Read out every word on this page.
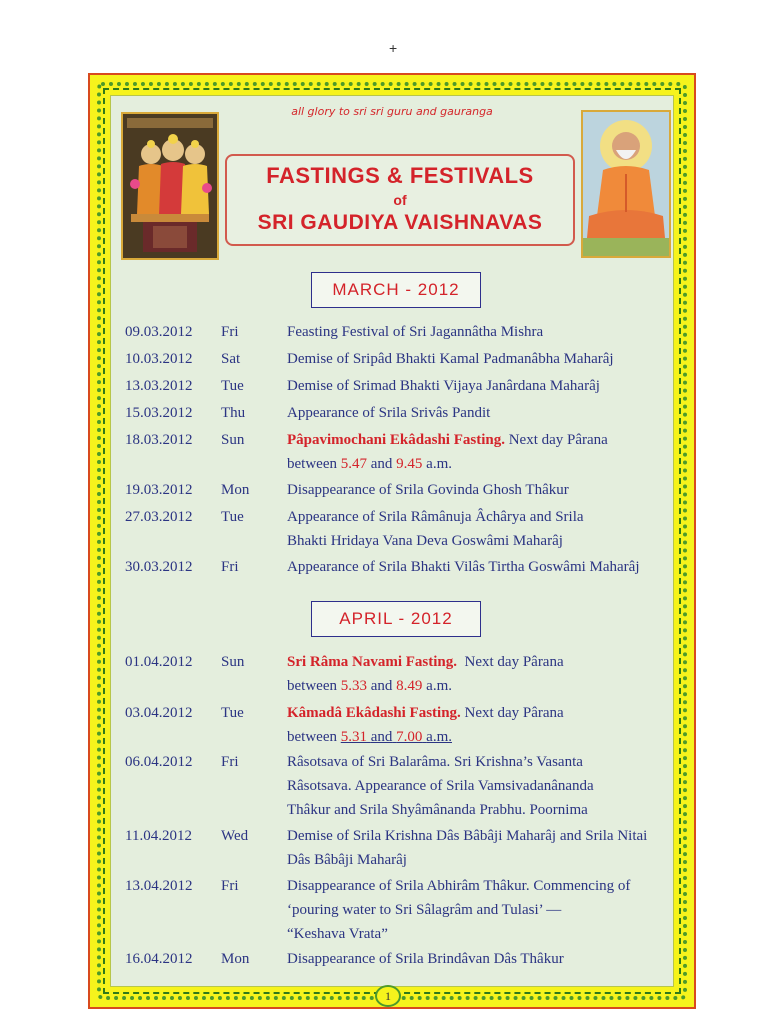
+
all glory to sri sri guru and gauranga
FASTINGS & FESTIVALS
of
SRI GAUDIYA VAISHNAVAS
MARCH - 2012
09.03.2012 Fri	Feasting Festival of Sri Jagannâtha Mishra
10.03.2012 Sat	Demise of Sripâd Bhakti Kamal Padmanâbha Maharâj
13.03.2012 Tue	Demise of Srimad Bhakti Vijaya Janârdana Maharâj
15.03.2012 Thu	Appearance of Srila Srivâs Pandit
18.03.2012 Sun	Pâpavimochani Ekâdashi Fasting. Next day Pârana
between 5.47 and 9.45 a.m.
19.03.2012 Mon	Disappearance of Srila Govinda Ghosh Thâkur
27.03.2012 Tue	Appearance of Srila Râmânuja Âchârya and Srila
Bhakti Hridaya Vana Deva Goswâmi Maharâj
30.03.2012 Fri	Appearance of Srila Bhakti Vilâs Tirtha Goswâmi Maharâj
APRIL - 2012
01.04.2012 Sun	Sri Râma Navami Fasting. Next day Pârana
between 5.33 and 8.49 a.m.
03.04.2012 Tue	Kâmadâ Ekâdashi Fasting. Next day Pârana
between 5.31 and 7.00 a.m.
06.04.2012 Fri	Râsotsava of Sri Balarâma. Sri Krishna’s Vasanta
Râsotsava. Appearance of Srila Vamsivadanânanda
Thâkur and Srila Shyâmânanda Prabhu. Poornima
11.04.2012 Wed	Demise of Srila Krishna Dâs Bâbâji Maharâj and Srila Nitai
Dâs Bâbâji Maharâj
13.04.2012 Fri	Disappearance of Srila Abhirâm Thâkur. Commencing of
‘pouring water to Sri Sâlagrâm and Tulasi’ —
“Keshava Vrata”
16.04.2012 Mon	Disappearance of Srila Brindâvan Dâs Thâkur
1
